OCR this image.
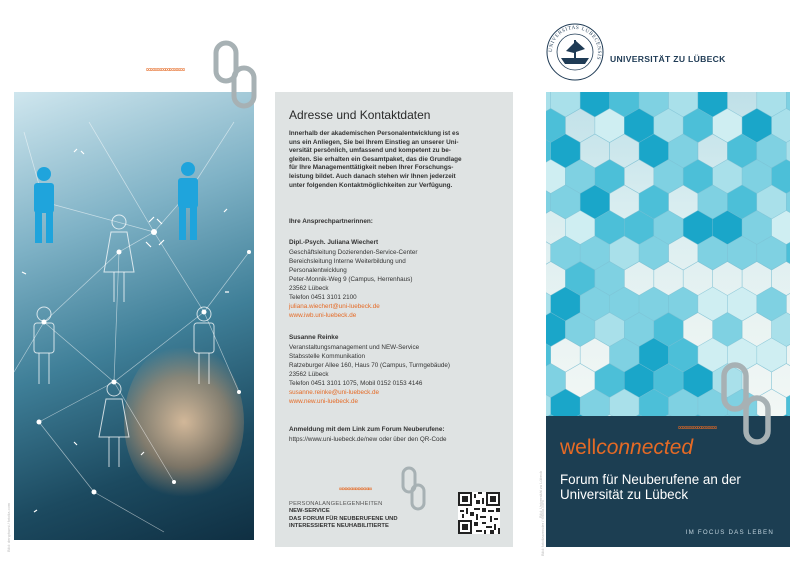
Bild: denphumi / fotolia.com
∞∞∞∞∞∞∞∞∞∞
Adresse und Kontaktdaten
Innerhalb der akademischen Personalentwicklung ist es
uns ein Anliegen, Sie bei Ihrem Einstieg an unserer Uni-
versität persönlich, umfassend und kompetent zu be-
gleiten. Sie erhalten ein Gesamtpaket, das die Grundlage
für Ihre Managementtätigkeit neben Ihrer Forschungs-
leistung bildet. Auch danach stehen wir Ihnen jederzeit
unter folgenden Kontaktmöglichkeiten zur Verfügung.
Ihre Ansprechpartnerinnen:
Dipl.-Psych. Juliana Wiechert
Geschäftsleitung Dozierenden-Service-Center
Bereichsleitung Interne Weiterbildung und
Personalentwicklung
Peter-Monnik-Weg 9 (Campus, Herrenhaus)
23562 Lübeck
Telefon 0451 3101 2100
juliana.wiechert@uni-luebeck.de
www.iwb.uni-luebeck.de
Susanne Reinke
Veranstaltungsmanagement und NEW-Service
Stabsstelle Kommunikation
Ratzeburger Allee 160, Haus 70 (Campus, Turmgebäude)
23562 Lübeck
Telefon 0451 3101 1075, Mobil 0152 0153 4146
susanne.reinke@uni-luebeck.de
www.new.uni-luebeck.de
Anmeldung mit dem Link zum Forum Neuberufene:
https://www.uni-luebeck.de/new oder über den QR-Code
∞∞∞∞∞∞∞∞∞∞
PERSONALANGELEGENHEITEN
NEW-SERVICE
DAS FORUM FÜR NEUBERUFENE UND
INTERESSIERTE NEUHABILITIERTE
Bild: Universität zu Lübeck
UNIVERSITAS LUBECENSIS UNIVERSITÄT ZU LÜBECK
wellconnected
Forum für Neuberufene an der
Universität zu Lübeck
IM FOCUS DAS LEBEN
∞∞∞∞∞∞∞∞∞∞
Bild: fotoliaxrender / fotolia.com
